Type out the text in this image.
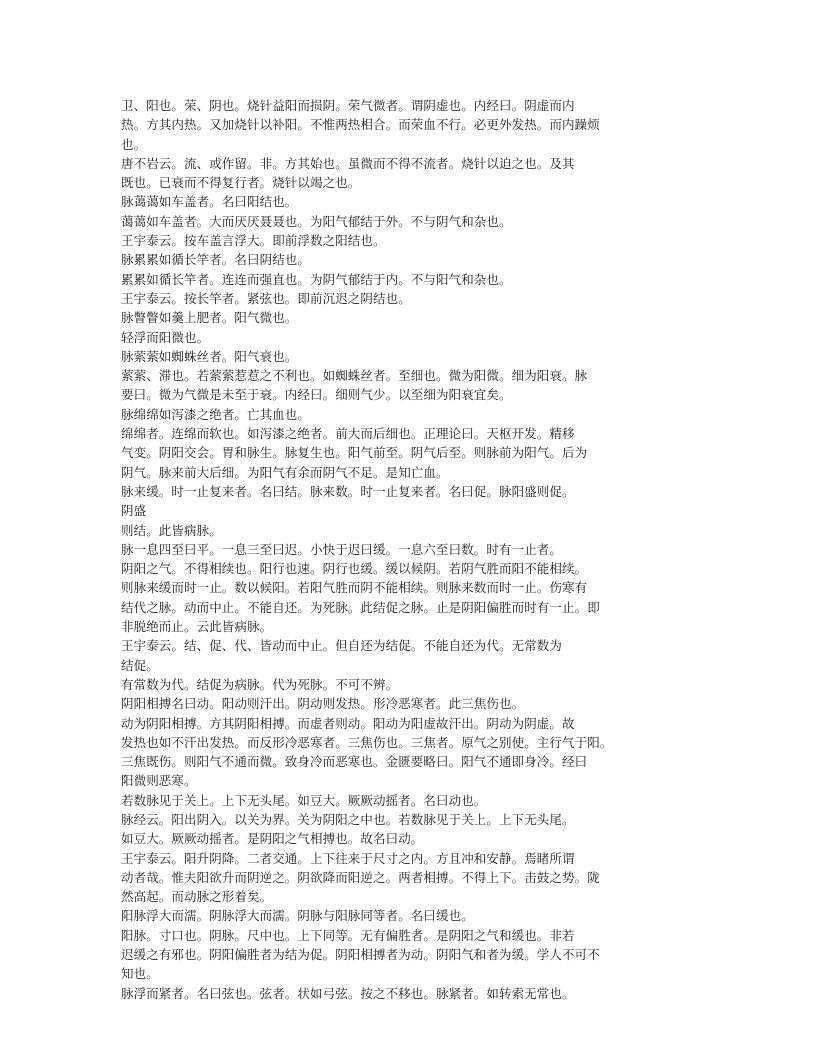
卫、阳也。荣、阴也。烧针益阳而损阴。荣气微者。谓阴虚也。内经曰。阴虚而内
热。方其内热。又加烧针以补阳。不惟两热相合。而荣血不行。必更外发热。而内躁烦
也。
唐不岩云。流、或作留。非。方其始也。虽微而不得不流者。烧针以迫之也。及其
既也。已衰而不得复行者。烧针以竭之也。
脉蔼蔼如车盖者。名曰阳结也。
蔼蔼如车盖者。大而厌厌聂聂也。为阳气郁结于外。不与阴气和杂也。
王宇泰云。按车盖言浮大。即前浮数之阳结也。
脉累累如循长竿者。名曰阴结也。
累累如循长竿者。连连而强直也。为阴气郁结于内。不与阳气和杂也。
王宇泰云。按长竿者。紧弦也。即前沉迟之阴结也。
脉瞥瞥如羹上肥者。阳气微也。
轻浮而阳微也。
脉萦萦如蜘蛛丝者。阳气衰也。
萦萦、滞也。若萦萦惹惹之不利也。如蜘蛛丝者。至细也。微为阳微。细为阳衰。脉
要曰。微为气微是未至于衰。内经曰。细则气少。以至细为阳衰宜矣。
脉绵绵如泻漆之绝者。亡其血也。
绵绵者。连绵而软也。如泻漆之绝者。前大而后细也。正理论曰。天枢开发。精移
气变。阴阳交会。胃和脉生。脉复生也。阳气前至。阴气后至。则脉前为阳气。后为
阴气。脉来前大后细。为阳气有余而阴气不足。是知亡血。
脉来缓。时一止复来者。名曰结。脉来数。时一止复来者。名曰促。脉阳盛则促。
阴盛
则结。此皆病脉。
脉一息四至曰平。一息三至曰迟。小快于迟曰缓。一息六至曰数。时有一止者。
阴阳之气。不得相续也。阳行也速。阴行也缓。缓以候阴。若阴气胜而阳不能相续。
则脉来缓而时一止。数以候阳。若阳气胜而阴不能相续。则脉来数而时一止。伤寒有
结代之脉。动而中止。不能自还。为死脉。此结促之脉。止是阴阳偏胜而时有一止。即
非脱绝而止。云此皆病脉。
王宇泰云。结、促、代、皆动而中止。但自还为结促。不能自还为代。无常数为
结促。
有常数为代。结促为病脉。代为死脉。不可不辨。
阴阳相搏名曰动。阳动则汗出。阴动则发热。形冷恶寒者。此三焦伤也。
动为阴阳相搏。方其阴阳相搏。而虚者则动。阳动为阳虚故汗出。阴动为阴虚。故
发热也如不汗出发热。而反形冷恶寒者。三焦伤也。三焦者。原气之别使。主行气于阳。
三焦既伤。则阳气不通而微。致身冷而恶寒也。金匮要略曰。阳气不通即身冷。经曰
阳微则恶寒。
若数脉见于关上。上下无头尾。如豆大。厥厥动摇者。名曰动也。
脉经云。阳出阴入。以关为界。关为阴阳之中也。若数脉见于关上。上下无头尾。
如豆大。厥厥动摇者。是阴阳之气相搏也。故名曰动。
王宇泰云。阳升阴降。二者交通。上下往来于尺寸之内。方且冲和安静。焉睹所谓
动者哉。惟夫阳欲升而阴逆之。阴欲降而阳逆之。两者相搏。不得上下。击鼓之势。陇
然高起。而动脉之形着矣。
阳脉浮大而濡。阴脉浮大而濡。阴脉与阳脉同等者。名曰缓也。
阳脉。寸口也。阴脉。尺中也。上下同等。无有偏胜者。是阴阳之气和缓也。非若
迟缓之有邪也。阴阳偏胜者为结为促。阴阳相搏者为动。阴阳气和者为缓。学人不可不
知也。
脉浮而紧者。名曰弦也。弦者。状如弓弦。按之不移也。脉紧者。如转索无常也。
